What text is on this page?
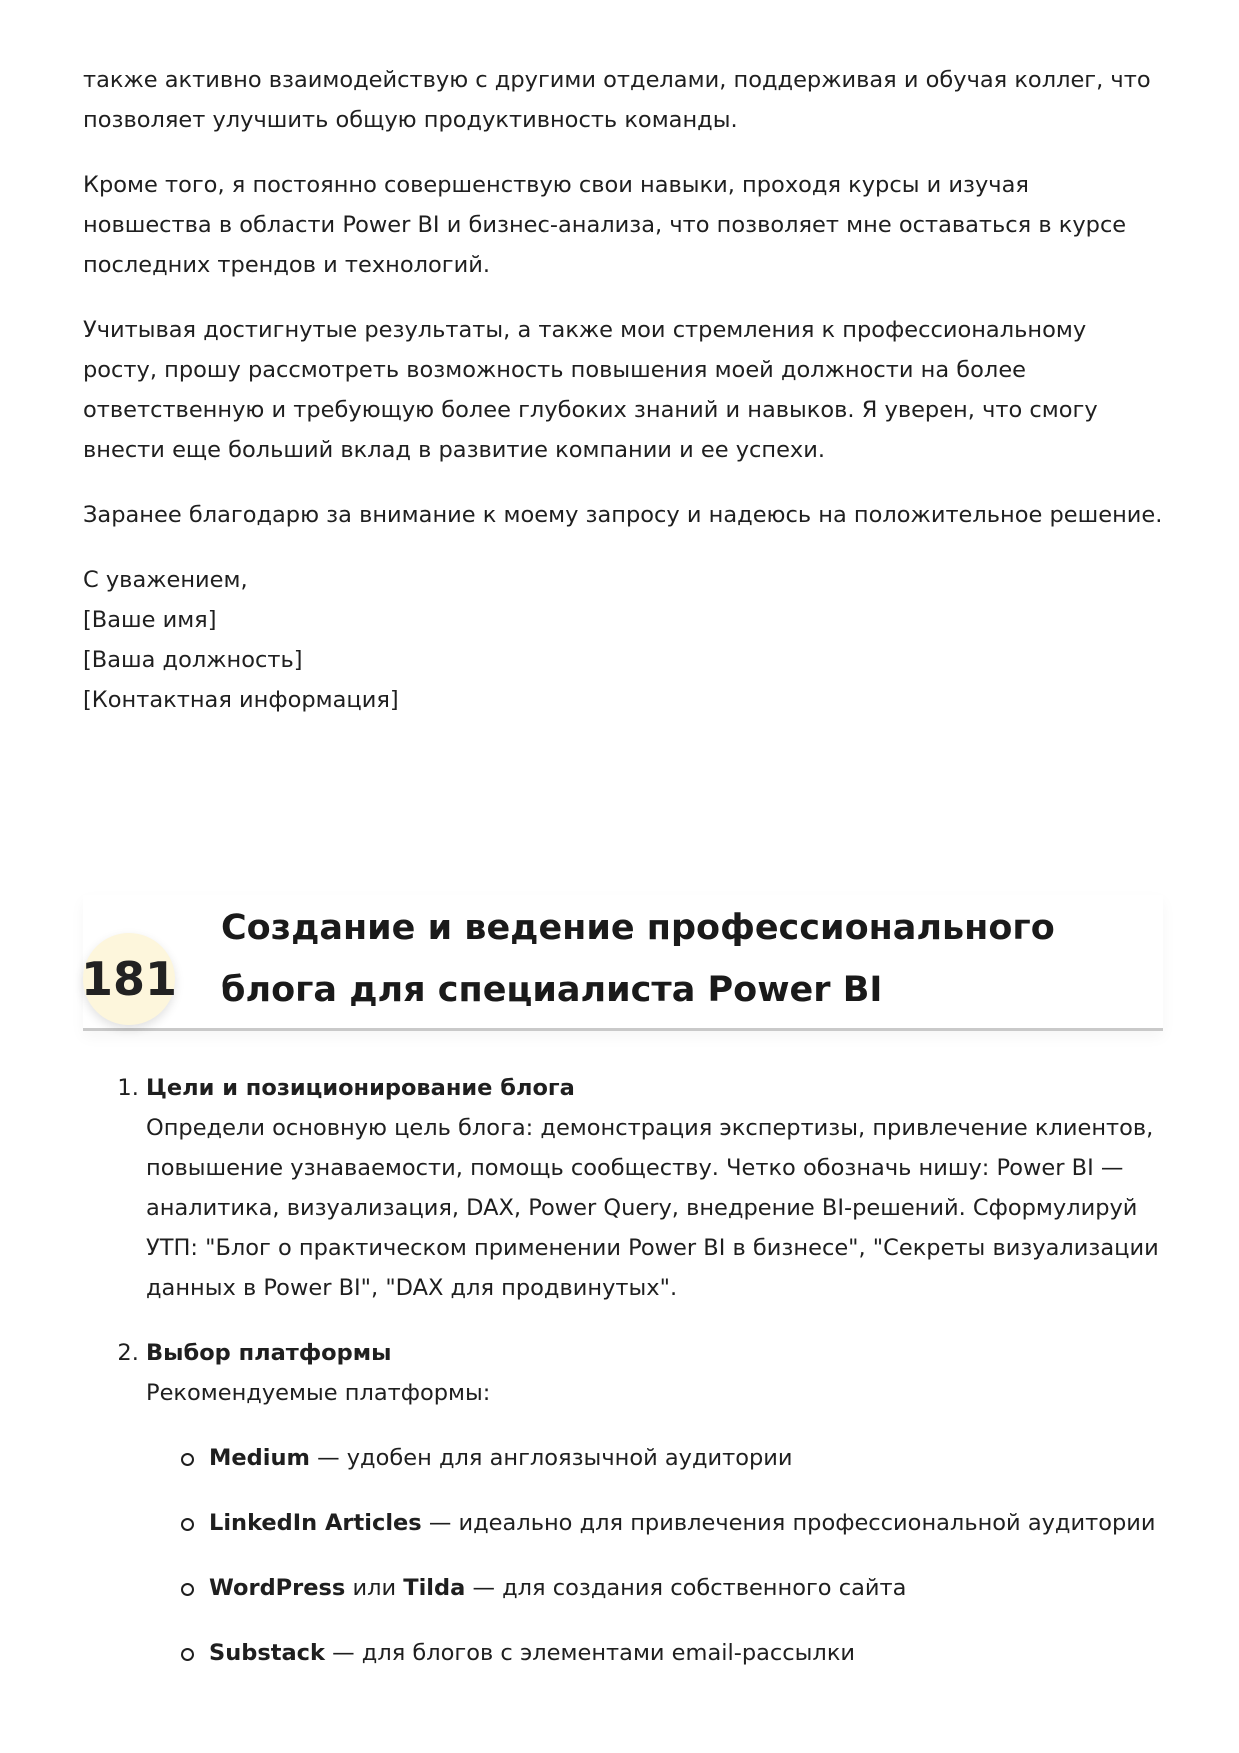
также активно взаимодействую с другими отделами, поддерживая и обучая коллег, что позволяет улучшить общую продуктивность команды.

Кроме того, я постоянно совершенствую свои навыки, проходя курсы и изучая новшества в области Power BI и бизнес-анализа, что позволяет мне оставаться в курсе последних трендов и технологий.

Учитывая достигнутые результаты, а также мои стремления к профессиональному росту, прошу рассмотреть возможность повышения моей должности на более ответственную и требующую более глубоких знаний и навыков. Я уверен, что смогу внести еще больший вклад в развитие компании и ее успехи.

Заранее благодарю за внимание к моему запросу и надеюсь на положительное решение.

С уважением,
[Ваше имя]
[Ваша должность]
[Контактная информация]
181
Создание и ведение профессионального блога для специалиста Power BI
1. Цели и позиционирование блога
Определи основную цель блога: демонстрация экспертизы, привлечение клиентов, повышение узнаваемости, помощь сообществу. Четко обозначь нишу: Power BI — аналитика, визуализация, DAX, Power Query, внедрение BI-решений. Сформулируй УТП: "Блог о практическом применении Power BI в бизнесе", "Секреты визуализации данных в Power BI", "DAX для продвинутых".
2. Выбор платформы
Рекомендуемые платформы:
Medium — удобен для англоязычной аудитории
LinkedIn Articles — идеально для привлечения профессиональной аудитории
WordPress или Tilda — для создания собственного сайта
Substack — для блогов с элементами email-рассылки
